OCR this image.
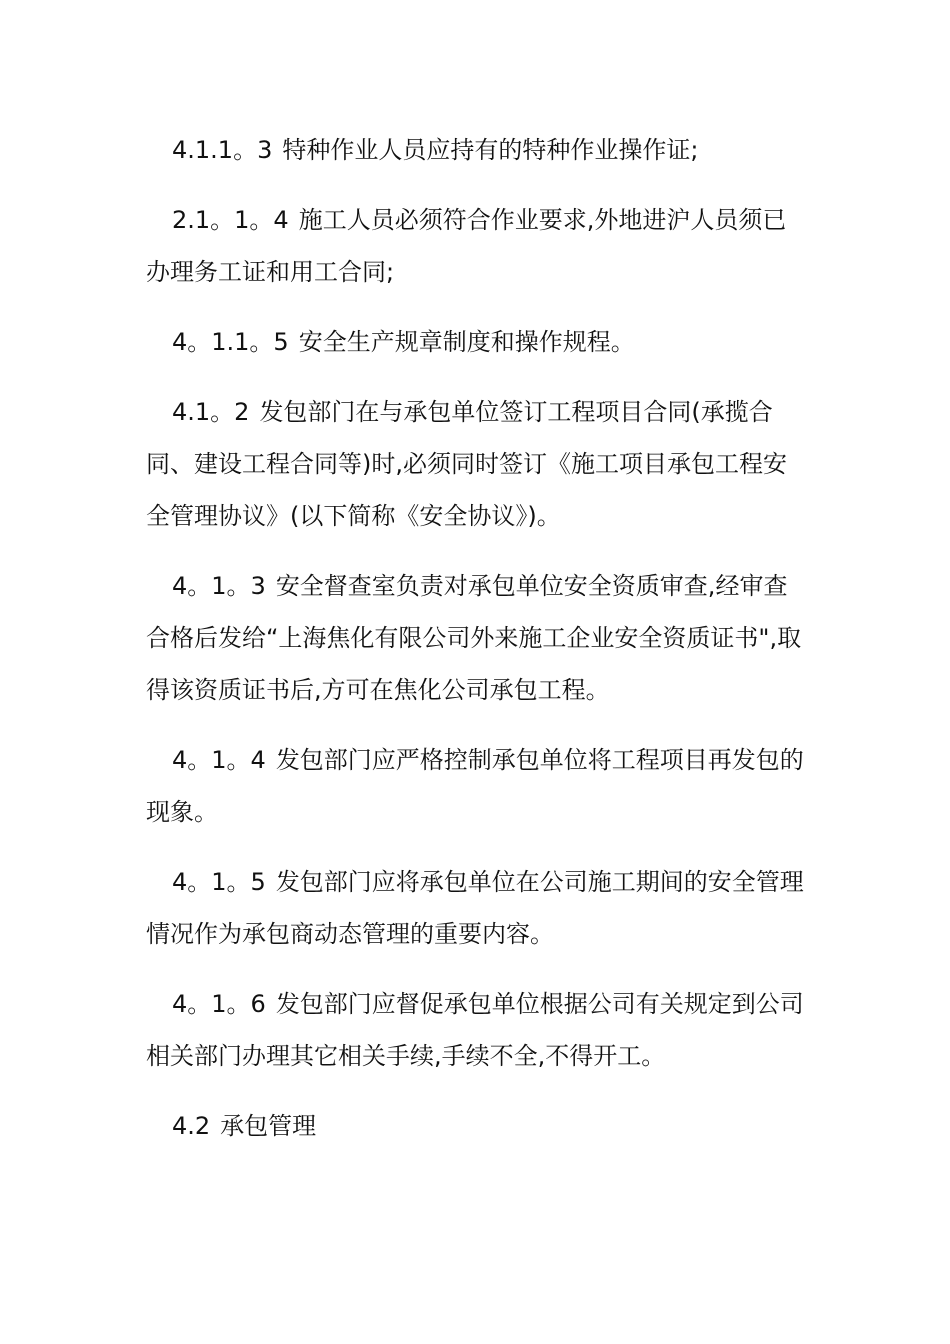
4.1.1。3 特种作业人员应持有的特种作业操作证;

2.1。1。4 施工人员必须符合作业要求,外地进沪人员须已办理务工证和用工合同;

4。1.1。5 安全生产规章制度和操作规程。

4.1。2 发包部门在与承包单位签订工程项目合同(承揽合同、建设工程合同等)时,必须同时签订《施工项目承包工程安全管理协议》(以下简称《安全协议》)。

4。1。3 安全督查室负责对承包单位安全资质审查,经审查合格后发给“上海焦化有限公司外来施工企业安全资质证书",取得该资质证书后,方可在焦化公司承包工程。

4。1。4 发包部门应严格控制承包单位将工程项目再发包的现象。

4。1。5 发包部门应将承包单位在公司施工期间的安全管理情况作为承包商动态管理的重要内容。

4。1。6 发包部门应督促承包单位根据公司有关规定到公司相关部门办理其它相关手续,手续不全,不得开工。

4.2 承包管理
